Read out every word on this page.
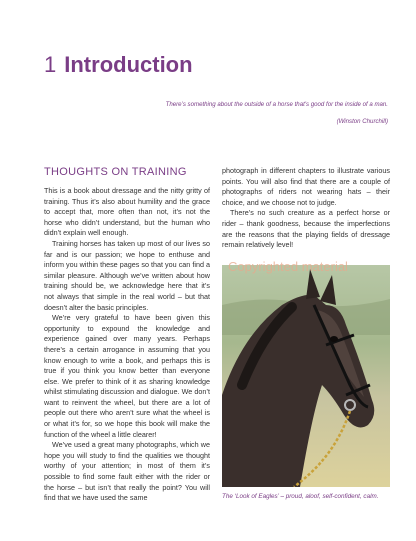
1 Introduction
There’s something about the outside of a horse that’s good for the inside of a man.
(Winston Churchill)
THOUGHTS ON TRAINING

This is a book about dressage and the nitty gritty of training. Thus it’s also about humility and the grace to accept that, more often than not, it’s not the horse who didn’t understand, but the human who didn’t explain well enough.

Training horses has taken up most of our lives so far and is our passion; we hope to enthuse and inform you within these pages so that you can find a similar pleasure. Although we’ve written about how training should be, we acknowledge here that it’s not always that simple in the real world – but that doesn’t alter the basic principles.

We’re very grateful to have been given this opportunity to expound the knowledge and experience gained over many years. Perhaps there’s a certain arrogance in assuming that you know enough to write a book, and perhaps this is true if you think you know better than everyone else. We prefer to think of it as sharing knowledge whilst stimulating discussion and dialogue. We don’t want to reinvent the wheel, but there are a lot of people out there who aren’t sure what the wheel is or what it’s for, so we hope this book will make the function of the wheel a little clearer!

We’ve used a great many photographs, which we hope you will study to find the qualities we thought worthy of your attention; in most of them it’s possible to find some fault either with the rider or the horse – but isn’t that really the point? You will find that we have used the same

photograph in different chapters to illustrate various points. You will also find that there are a couple of photographs of riders not wearing hats – their choice, and we choose not to judge.

There’s no such creature as a perfect horse or rider – thank goodness, because the imperfections are the reasons that the playing fields of dressage remain relatively level!

Copyrighted material
The ‘Look of Eagles’ – proud, aloof, self-confident, calm.
